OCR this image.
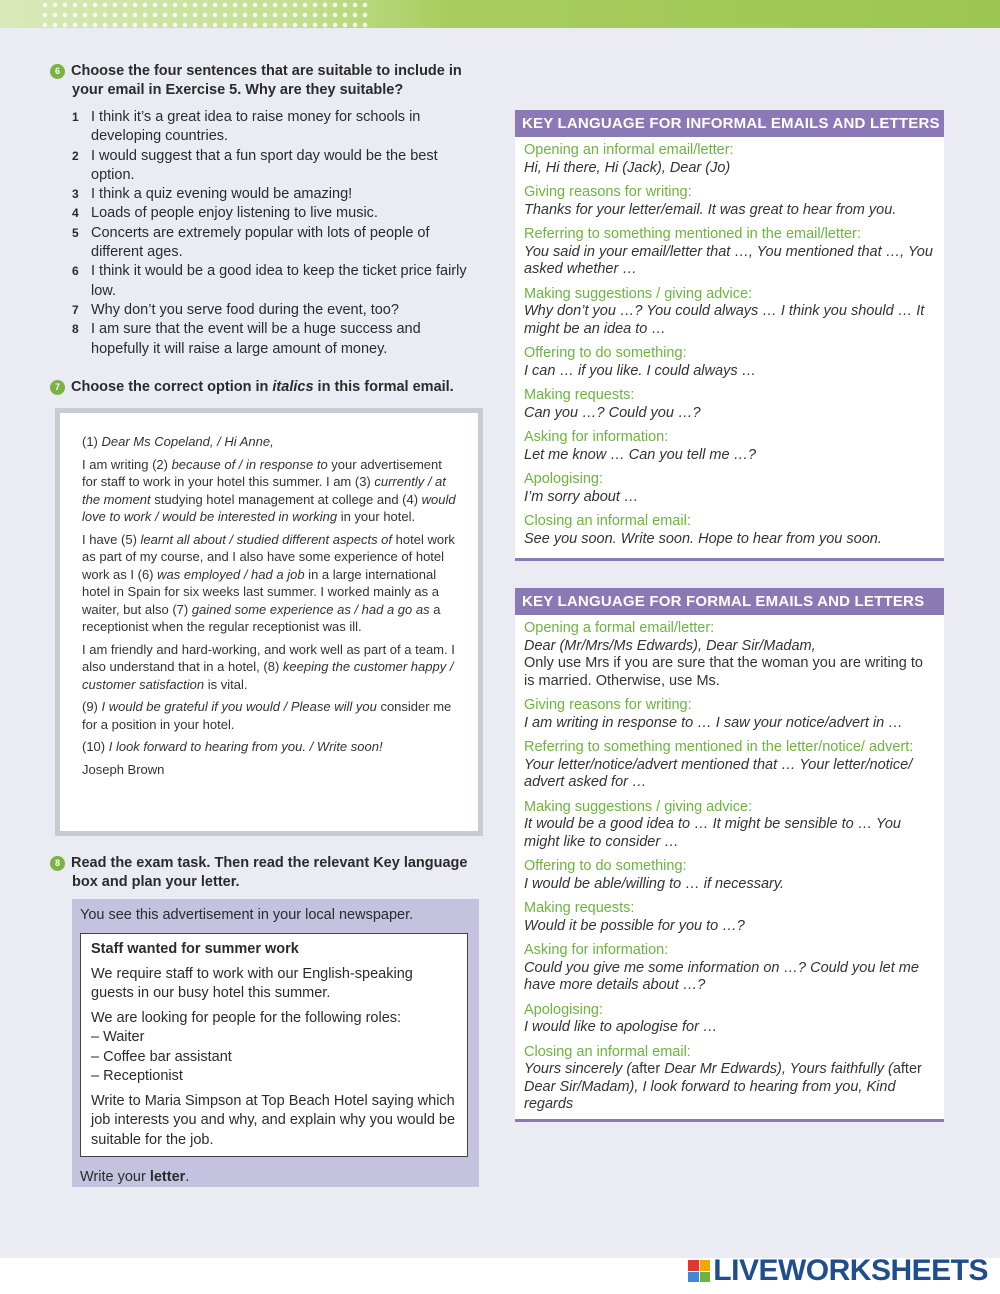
6 Choose the four sentences that are suitable to include in
your email in Exercise 5. Why are they suitable?
1 I think it’s a great idea to raise money for schools in developing countries.
2 I would suggest that a fun sport day would be the best option.
3 I think a quiz evening would be amazing!
4 Loads of people enjoy listening to live music.
5 Concerts are extremely popular with lots of people of different ages.
6 I think it would be a good idea to keep the ticket price fairly low.
7 Why don’t you serve food during the event, too?
8 I am sure that the event will be a huge success and hopefully it will raise a large amount of money.
7 Choose the correct option in italics in this formal email.

(1) Dear Ms Copeland, / Hi Anne,

I am writing (2) because of / in response to your advertisement for staff to work in your hotel this summer. I am (3) currently / at the moment studying hotel management at college and (4) would love to work / would be interested in working in your hotel.

I have (5) learnt all about / studied different aspects of hotel work as part of my course, and I also have some experience of hotel work as I (6) was employed / had a job in a large international hotel in Spain for six weeks last summer. I worked mainly as a waiter, but also (7) gained some experience as / had a go as a receptionist when the regular receptionist was ill.

I am friendly and hard-working, and work well as part of a team. I also understand that in a hotel, (8) keeping the customer happy / customer satisfaction is vital.

(9) I would be grateful if you would / Please will you consider me for a position in your hotel.

(10) I look forward to hearing from you. / Write soon!

Joseph Brown

8 Read the exam task. Then read the relevant Key language
box and plan your letter.
You see this advertisement in your local newspaper.

Staff wanted for summer work

We require staff to work with our English-speaking guests in our busy hotel this summer.

We are looking for people for the following roles:
– Waiter
– Coffee bar assistant
– Receptionist

Write to Maria Simpson at Top Beach Hotel saying which job interests you and why, and explain why you would be suitable for the job.

Write your letter.
KEY LANGUAGE FOR INFORMAL EMAILS AND LETTERS
Opening an informal email/letter:
Hi, Hi there, Hi (Jack), Dear (Jo)
Giving reasons for writing:
Thanks for your letter/email. It was great to hear from you.
Referring to something mentioned in the email/letter:
You said in your email/letter that …, You mentioned that …, You asked whether …
Making suggestions / giving advice:
Why don’t you …? You could always … I think you should … It might be an idea to …
Offering to do something:
I can … if you like. I could always …
Making requests:
Can you …? Could you …?
Asking for information:
Let me know … Can you tell me …?
Apologising:
I’m sorry about …
Closing an informal email:
See you soon. Write soon. Hope to hear from you soon.
KEY LANGUAGE FOR FORMAL EMAILS AND LETTERS
Opening a formal email/letter:
Dear (Mr/Mrs/Ms Edwards), Dear Sir/Madam,
Only use Mrs if you are sure that the woman you are writing to is married. Otherwise, use Ms.
Giving reasons for writing:
I am writing in response to … I saw your notice/advert in …
Referring to something mentioned in the letter/notice/ advert:
Your letter/notice/advert mentioned that … Your letter/notice/ advert asked for …
Making suggestions / giving advice:
It would be a good idea to … It might be sensible to … You might like to consider …
Offering to do something:
I would be able/willing to … if necessary.
Making requests:
Would it be possible for you to …?
Asking for information:
Could you give me some information on …? Could you let me have more details about …?
Apologising:
I would like to apologise for …
Closing an informal email:
Yours sincerely (after Dear Mr Edwards), Yours faithfully (after Dear Sir/Madam), I look forward to hearing from you, Kind regards
LIVEWORKSHEETS
